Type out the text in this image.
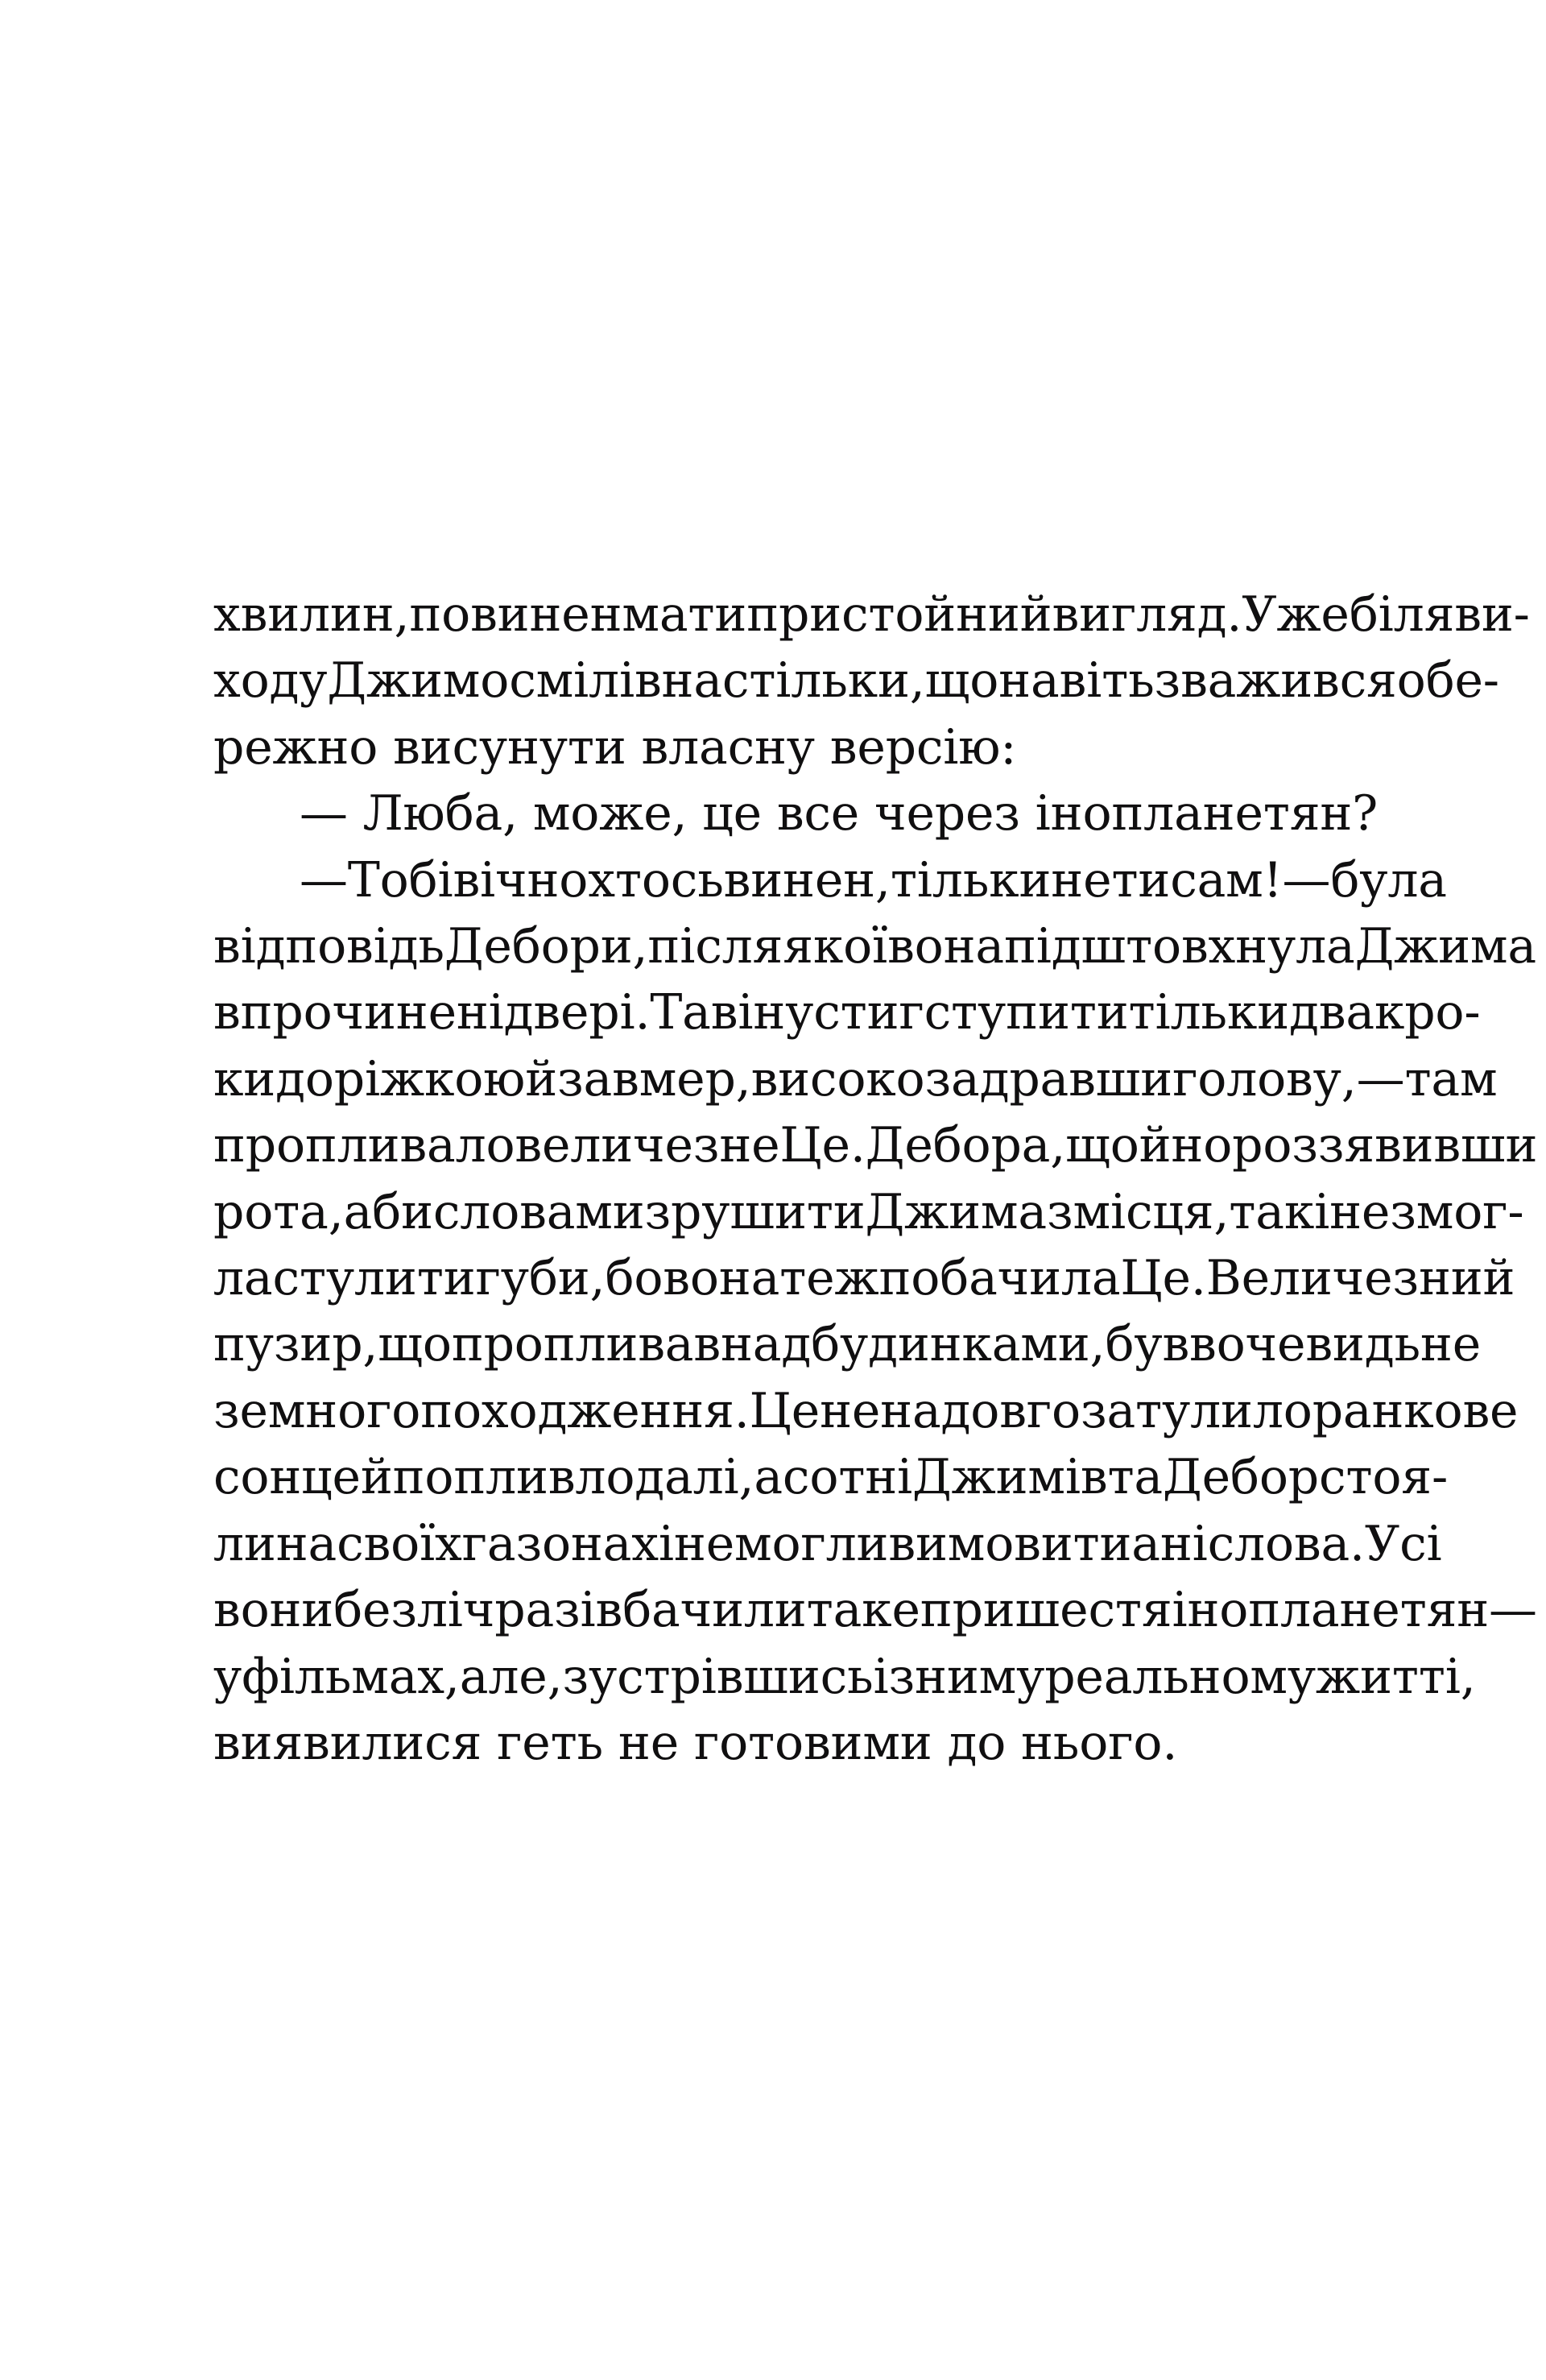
хвилин, повинен мати пристойний вигляд. Уже біля ви-
ходу Джим осмілів настільки, що навіть зважився обе-
режно висунути власну версію:
— Люба, може, це все через інопланетян?
— Тобі вічно хтось винен, тільки не ти сам! — була
відповідь Дебори, після якої вона підштовхнула Джима
в прочинені двері. Та він устиг ступити тільки два кро-
ки доріжкою й завмер, високо задравши голову, — там
пропливало величезне Це. Дебора, щойно роззявивши
рота, аби словами зрушити Джима з місця, так і не змог-
ла стулити губи, бо вона теж побачила Це. Величезний
пузир, що пропливав над будинками, був вочевидь не
земного походження. Це ненадовго затулило ранкове
сонце й попливло далі, а сотні Джимів та Дебор стоя-
ли на своїх газонах і не могли вимовити ані слова. Усі
вони безліч разів бачили таке пришестя інопланетян —
у фільмах, але, зустрівшись із ним у реальному житті,
виявилися геть не готовими до нього.
